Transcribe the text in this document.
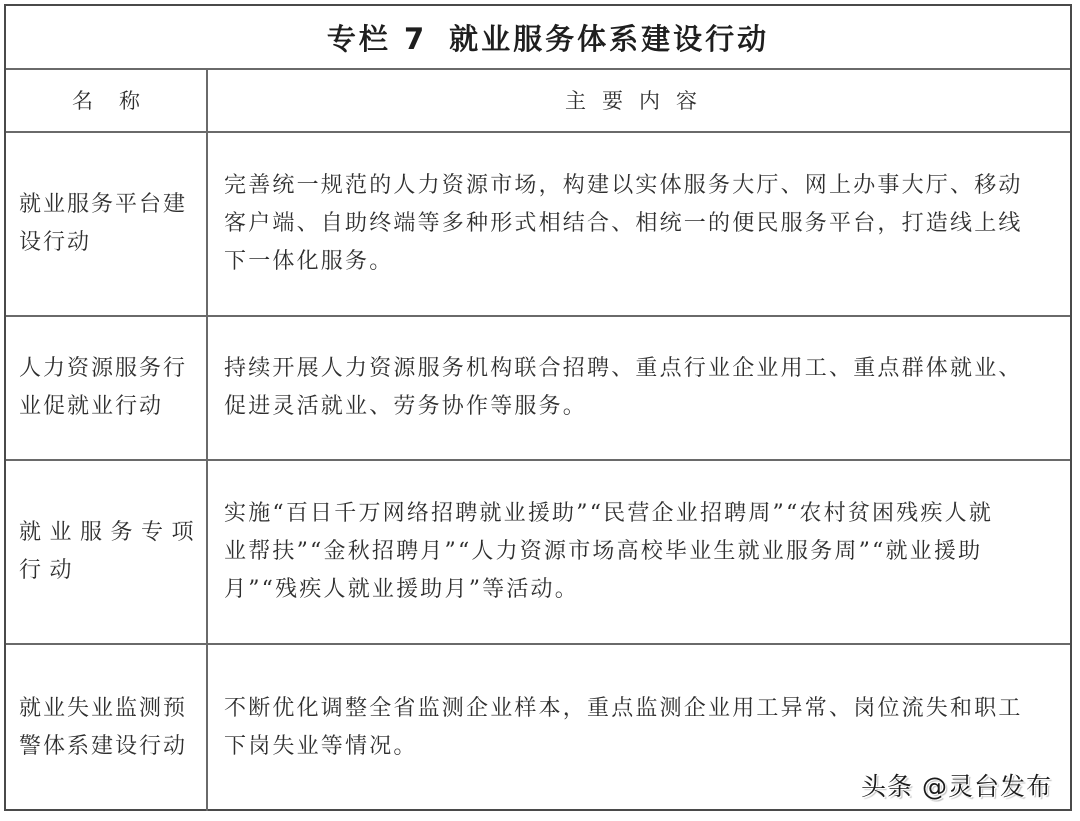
专栏 7 就业服务体系建设行动
名称	主要内容
就业服务平台建
设行动
完善统一规范的人力资源市场，构建以实体服务大厅、网上办事大厅、移动
客户端、自助终端等多种形式相结合、相统一的便民服务平台，打造线上线
下一体化服务。
人力资源服务行
业促就业行动
持续开展人力资源服务机构联合招聘、重点行业企业用工、重点群体就业、
促进灵活就业、劳务协作等服务。
就业服务专项
行动
实施“百日千万网络招聘就业援助”“民营企业招聘周”“农村贫困残疾人就
业帮扶”“金秋招聘月”“人力资源市场高校毕业生就业服务周”“就业援助
月”“残疾人就业援助月”等活动。
就业失业监测预
警体系建设行动
不断优化调整全省监测企业样本，重点监测企业用工异常、岗位流失和职工
下岗失业等情况。
头条 @灵台发布
